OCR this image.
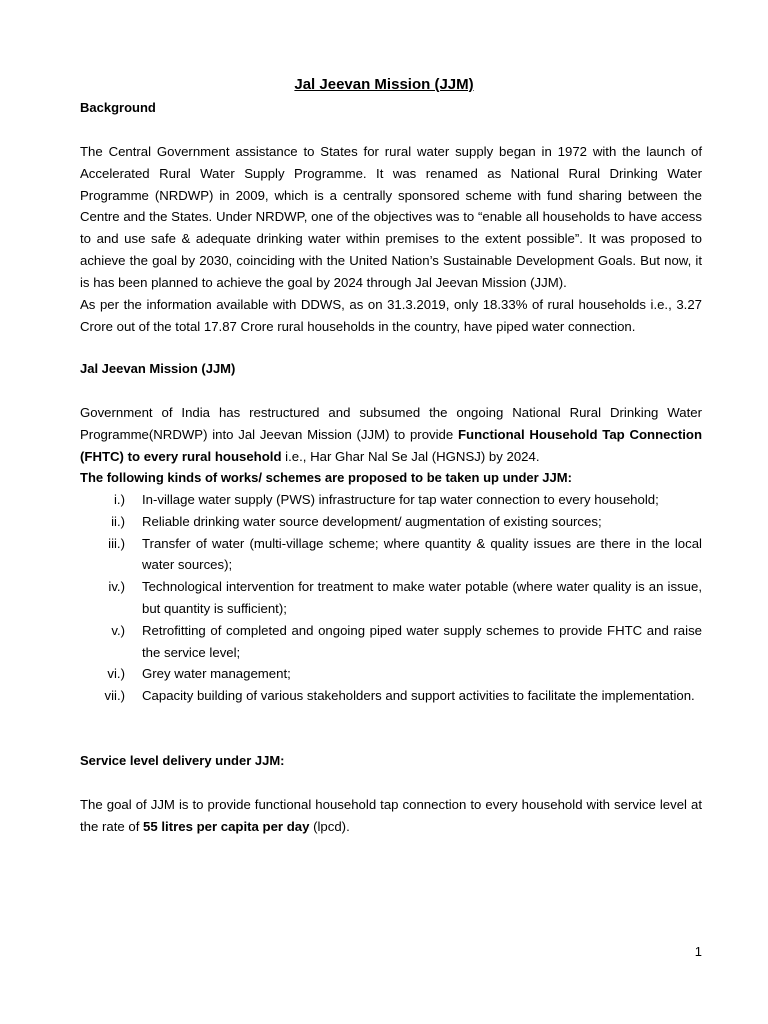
Jal Jeevan Mission (JJM)
Background

The Central Government assistance to States for rural water supply began in 1972 with the launch of Accelerated Rural Water Supply Programme. It was renamed as National Rural Drinking Water Programme (NRDWP) in 2009, which is a centrally sponsored scheme with fund sharing between the Centre and the States. Under NRDWP, one of the objectives was to “enable all households to have access to and use safe & adequate drinking water within premises to the extent possible”. It was proposed to achieve the goal by 2030, coinciding with the United Nation’s Sustainable Development Goals. But now, it is has been planned to achieve the goal by 2024 through Jal Jeevan Mission (JJM).

As per the information available with DDWS, as on 31.3.2019, only 18.33% of rural households i.e., 3.27 Crore out of the total 17.87 Crore rural households in the country, have piped water connection.

Jal Jeevan Mission (JJM)

Government of India has restructured and subsumed the ongoing National Rural Drinking Water Programme(NRDWP) into Jal Jeevan Mission (JJM) to provide Functional Household Tap Connection (FHTC) to every rural household i.e., Har Ghar Nal Se Jal (HGNSJ) by 2024.

The following kinds of works/ schemes are proposed to be taken up under JJM:
i.) In-village water supply (PWS) infrastructure for tap water connection to every household;
ii.) Reliable drinking water source development/ augmentation of existing sources;
iii.) Transfer of water (multi-village scheme; where quantity & quality issues are there in the local water sources);
iv.) Technological intervention for treatment to make water potable (where water quality is an issue, but quantity is sufficient);
v.) Retrofitting of completed and ongoing piped water supply schemes to provide FHTC and raise the service level;
vi.) Grey water management;
vii.) Capacity building of various stakeholders and support activities to facilitate the implementation.
Service level delivery under JJM:

The goal of JJM is to provide functional household tap connection to every household with service level at the rate of 55 litres per capita per day (lpcd).

1
